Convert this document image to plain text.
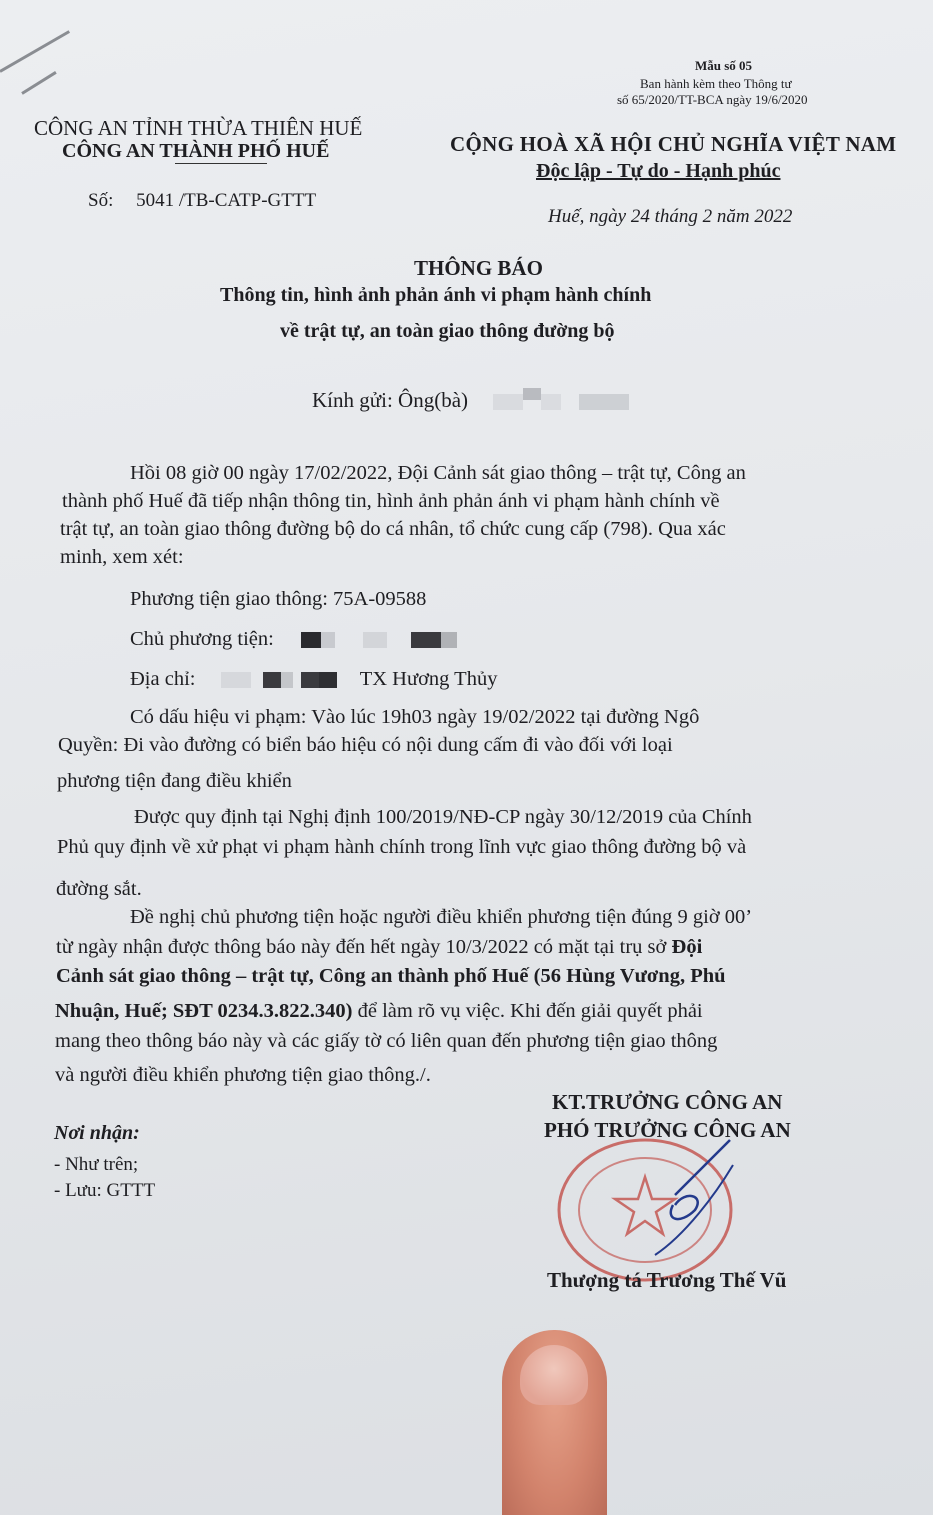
Mẫu số 05
Ban hành kèm theo Thông tư
số 65/2020/TT-BCA ngày 19/6/2020
CÔNG AN TỈNH THỪA THIÊN HUẾ
CÔNG AN THÀNH PHỐ HUẾ	CỘNG HOÀ XÃ HỘI CHỦ NGHĨA VIỆT NAM
Độc lập - Tự do - Hạnh phúc
Số: 5041 /TB-CATP-GTTT
Huế, ngày 24 tháng 2 năm 2022
THÔNG BÁO
Thông tin, hình ảnh phản ánh vi phạm hành chính
về trật tự, an toàn giao thông đường bộ
Kính gửi: Ông(bà)
Hồi 08 giờ 00 ngày 17/02/2022, Đội Cảnh sát giao thông – trật tự, Công an
thành phố Huế đã tiếp nhận thông tin, hình ảnh phản ánh vi phạm hành chính về
trật tự, an toàn giao thông đường bộ do cá nhân, tổ chức cung cấp (798). Qua xác
minh, xem xét:
Phương tiện giao thông: 75A-09588
Chủ phương tiện:
Địa chỉ:	TX Hương Thủy
Có dấu hiệu vi phạm: Vào lúc 19h03 ngày 19/02/2022 tại đường Ngô
Quyền: Đi vào đường có biển báo hiệu có nội dung cấm đi vào đối với loại
phương tiện đang điều khiển
Được quy định tại Nghị định 100/2019/NĐ-CP ngày 30/12/2019 của Chính
Phủ quy định về xử phạt vi phạm hành chính trong lĩnh vực giao thông đường bộ và
đường sắt.
Đề nghị chủ phương tiện hoặc người điều khiển phương tiện đúng 9 giờ 00’
từ ngày nhận được thông báo này đến hết ngày 10/3/2022 có mặt tại trụ sở Đội
Cảnh sát giao thông – trật tự, Công an thành phố Huế (56 Hùng Vương, Phú
Nhuận, Huế; SĐT 0234.3.822.340) để làm rõ vụ việc. Khi đến giải quyết phải
mang theo thông báo này và các giấy tờ có liên quan đến phương tiện giao thông
và người điều khiển phương tiện giao thông./.
KT.TRƯỞNG CÔNG AN
PHÓ TRƯỞNG CÔNG AN
Thượng tá Trương Thế Vũ
Nơi nhận:
- Như trên;
- Lưu: GTTT
